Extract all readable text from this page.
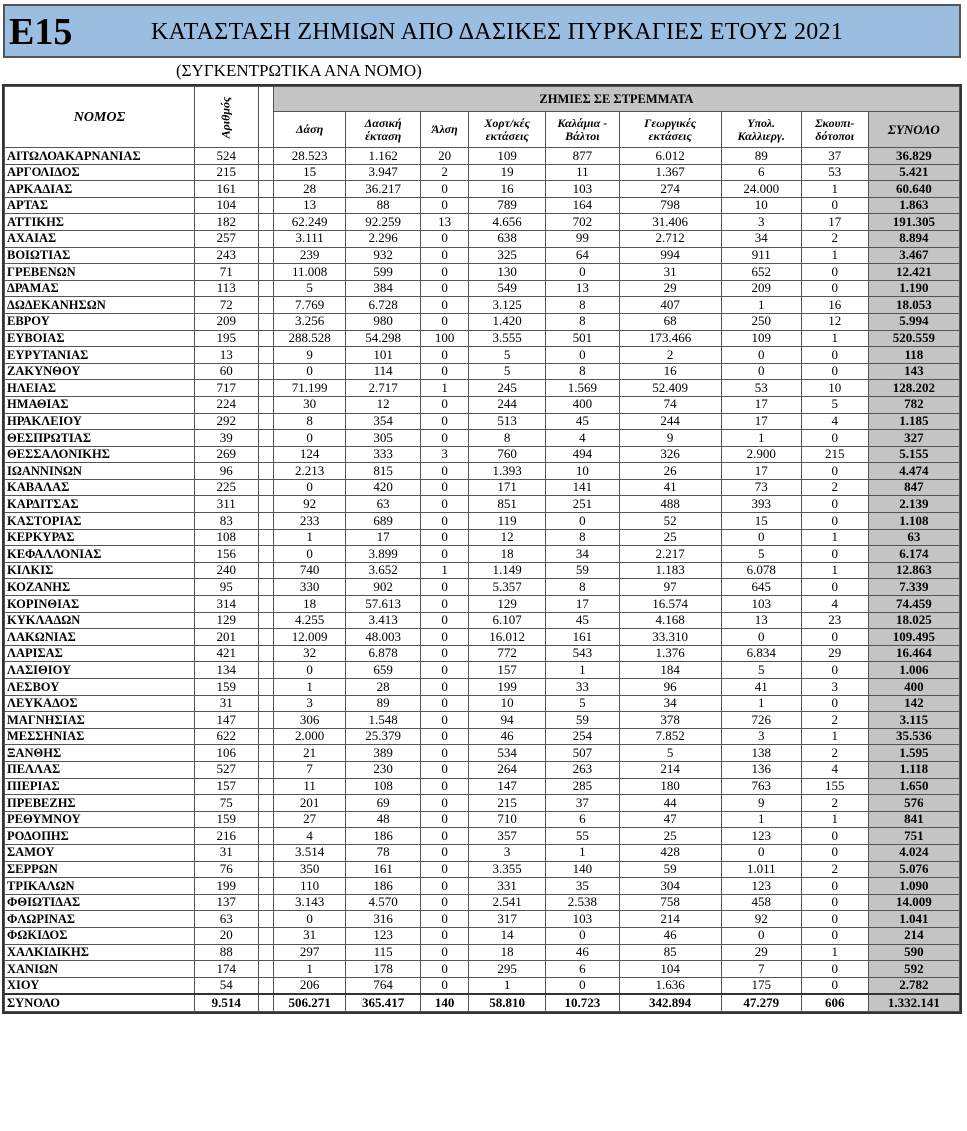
E15	ΚΑΤΑΣΤΑΣΗ ΖΗΜΙΩΝ ΑΠΟ ΔΑΣΙΚΕΣ ΠΥΡΚΑΓΙΕΣ ΕΤΟΥΣ 2021
(ΣΥΓΚΕΝΤΡΩΤΙΚΑ ΑΝΑ ΝΟΜΟ)
ΝΟΜΟΣ	Αριθμός		ΖΗΜΙΕΣ ΣΕ ΣΤΡΕΜΜΑΤΑ								
			Δάση	Δασική
έκταση	Άλση	Χορτ/κές
εκτάσεις	Καλάμια -
Βάλτοι	Γεωργικές
εκτάσεις	Υπολ.
Καλλιεργ.	Σκουπι-
δότοποι	ΣΥΝΟΛΟ
ΑΙΤΩΛΟΑΚΑΡΝΑΝΙΑΣ	524		28.523	1.162	20	109	877	6.012	89	37	36.829
ΑΡΓΟΛΙΔΟΣ	215		15	3.947	2	19	11	1.367	6	53	5.421
ΑΡΚΑΔΙΑΣ	161		28	36.217	0	16	103	274	24.000	1	60.640
ΑΡΤΑΣ	104		13	88	0	789	164	798	10	0	1.863
ΑΤΤΙΚΗΣ	182		62.249	92.259	13	4.656	702	31.406	3	17	191.305
ΑΧΑΙΑΣ	257		3.111	2.296	0	638	99	2.712	34	2	8.894
ΒΟΙΩΤΙΑΣ	243		239	932	0	325	64	994	911	1	3.467
ΓΡΕΒΕΝΩΝ	71		11.008	599	0	130	0	31	652	0	12.421
ΔΡΑΜΑΣ	113		5	384	0	549	13	29	209	0	1.190
ΔΩΔΕΚΑΝΗΣΩΝ	72		7.769	6.728	0	3.125	8	407	1	16	18.053
ΕΒΡΟΥ	209		3.256	980	0	1.420	8	68	250	12	5.994
ΕΥΒΟΙΑΣ	195		288.528	54.298	100	3.555	501	173.466	109	1	520.559
ΕΥΡΥΤΑΝΙΑΣ	13		9	101	0	5	0	2	0	0	118
ΖΑΚΥΝΘΟΥ	60		0	114	0	5	8	16	0	0	143
ΗΛΕΙΑΣ	717		71.199	2.717	1	245	1.569	52.409	53	10	128.202
ΗΜΑΘΙΑΣ	224		30	12	0	244	400	74	17	5	782
ΗΡΑΚΛΕΙΟΥ	292		8	354	0	513	45	244	17	4	1.185
ΘΕΣΠΡΩΤΙΑΣ	39		0	305	0	8	4	9	1	0	327
ΘΕΣΣΑΛΟΝΙΚΗΣ	269		124	333	3	760	494	326	2.900	215	5.155
ΙΩΑΝΝΙΝΩΝ	96		2.213	815	0	1.393	10	26	17	0	4.474
ΚΑΒΑΛΑΣ	225		0	420	0	171	141	41	73	2	847
ΚΑΡΔΙΤΣΑΣ	311		92	63	0	851	251	488	393	0	2.139
ΚΑΣΤΟΡΙΑΣ	83		233	689	0	119	0	52	15	0	1.108
ΚΕΡΚΥΡΑΣ	108		1	17	0	12	8	25	0	1	63
ΚΕΦΑΛΛΟΝΙΑΣ	156		0	3.899	0	18	34	2.217	5	0	6.174
ΚΙΛΚΙΣ	240		740	3.652	1	1.149	59	1.183	6.078	1	12.863
ΚΟΖΑΝΗΣ	95		330	902	0	5.357	8	97	645	0	7.339
ΚΟΡΙΝΘΙΑΣ	314		18	57.613	0	129	17	16.574	103	4	74.459
ΚΥΚΛΑΔΩΝ	129		4.255	3.413	0	6.107	45	4.168	13	23	18.025
ΛΑΚΩΝΙΑΣ	201		12.009	48.003	0	16.012	161	33.310	0	0	109.495
ΛΑΡΙΣΑΣ	421		32	6.878	0	772	543	1.376	6.834	29	16.464
ΛΑΣΙΘΙΟΥ	134		0	659	0	157	1	184	5	0	1.006
ΛΕΣΒΟΥ	159		1	28	0	199	33	96	41	3	400
ΛΕΥΚΑΔΟΣ	31		3	89	0	10	5	34	1	0	142
ΜΑΓΝΗΣΙΑΣ	147		306	1.548	0	94	59	378	726	2	3.115
ΜΕΣΣΗΝΙΑΣ	622		2.000	25.379	0	46	254	7.852	3	1	35.536
ΞΑΝΘΗΣ	106		21	389	0	534	507	5	138	2	1.595
ΠΕΛΛΑΣ	527		7	230	0	264	263	214	136	4	1.118
ΠΙΕΡΙΑΣ	157		11	108	0	147	285	180	763	155	1.650
ΠΡΕΒΕΖΗΣ	75		201	69	0	215	37	44	9	2	576
ΡΕΘΥΜΝΟΥ	159		27	48	0	710	6	47	1	1	841
ΡΟΔΟΠΗΣ	216		4	186	0	357	55	25	123	0	751
ΣΑΜΟΥ	31		3.514	78	0	3	1	428	0	0	4.024
ΣΕΡΡΩΝ	76		350	161	0	3.355	140	59	1.011	2	5.076
ΤΡΙΚΑΛΩΝ	199		110	186	0	331	35	304	123	0	1.090
ΦΘΙΩΤΙΔΑΣ	137		3.143	4.570	0	2.541	2.538	758	458	0	14.009
ΦΛΩΡΙΝΑΣ	63		0	316	0	317	103	214	92	0	1.041
ΦΩΚΙΔΟΣ	20		31	123	0	14	0	46	0	0	214
ΧΑΛΚΙΔΙΚΗΣ	88		297	115	0	18	46	85	29	1	590
ΧΑΝΙΩΝ	174		1	178	0	295	6	104	7	0	592
ΧΙΟΥ	54		206	764	0	1	0	1.636	175	0	2.782
ΣΥΝΟΛΟ	9.514		506.271	365.417	140	58.810	10.723	342.894	47.279	606	1.332.141
